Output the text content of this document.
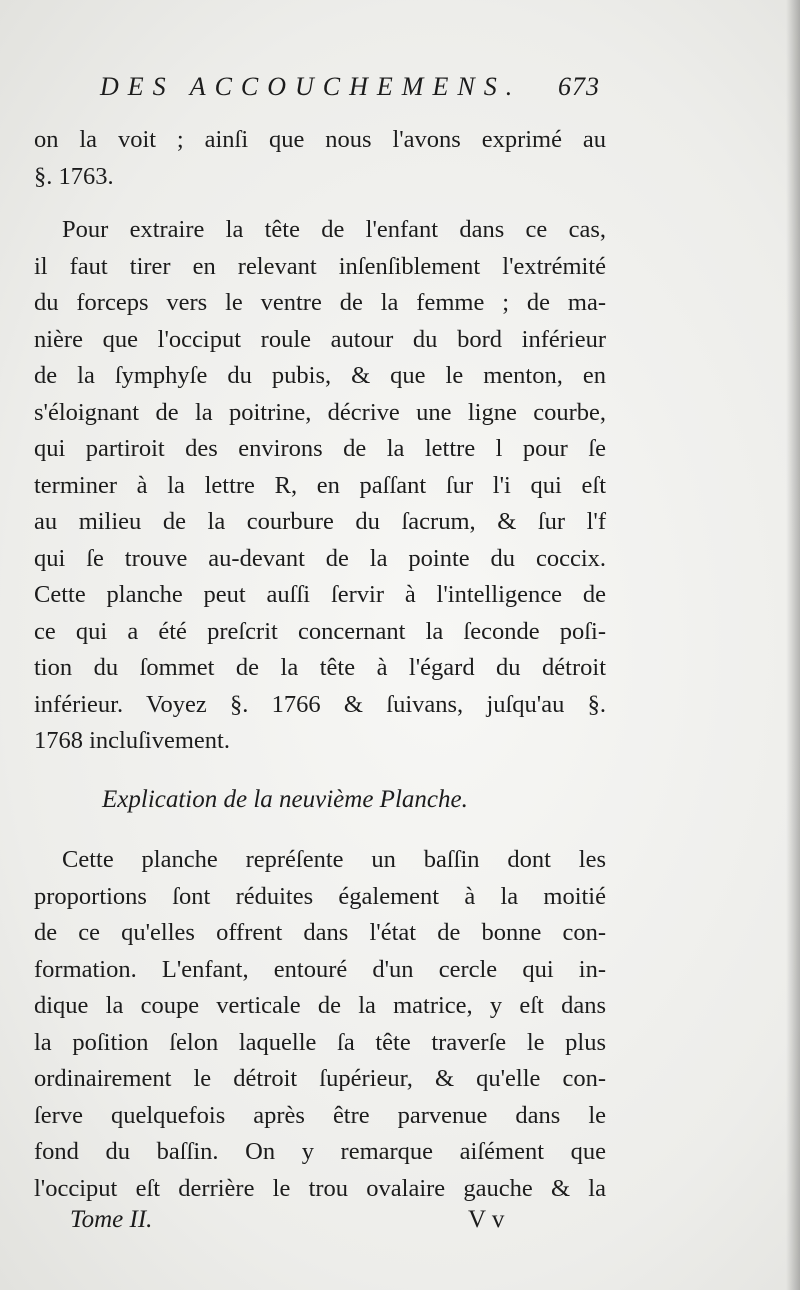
DES ACCOUCHEMENS. 673
on la voit ; ainſi que nous l'avons exprimé au
§. 1763.
Pour extraire la tête de l'enfant dans ce cas,
il faut tirer en relevant inſenſiblement l'extrémité
du forceps vers le ventre de la femme ; de ma-
nière que l'occiput roule autour du bord inférieur
de la ſymphyſe du pubis, & que le menton, en
s'éloignant de la poitrine, décrive une ligne courbe,
qui partiroit des environs de la lettre l pour ſe
terminer à la lettre R, en paſſant ſur l'i qui eſt
au milieu de la courbure du ſacrum, & ſur l'f
qui ſe trouve au-devant de la pointe du coccix.
Cette planche peut auſſi ſervir à l'intelligence de
ce qui a été preſcrit concernant la ſeconde poſi-
tion du ſommet de la tête à l'égard du détroit
inférieur. Voyez §. 1766 & ſuivans, juſqu'au §.
1768 incluſivement.
Explication de la neuvième Planche.
Cette planche repréſente un baſſin dont les
proportions ſont réduites également à la moitié
de ce qu'elles offrent dans l'état de bonne con-
formation. L'enfant, entouré d'un cercle qui in-
dique la coupe verticale de la matrice, y eſt dans
la poſition ſelon laquelle ſa tête traverſe le plus
ordinairement le détroit ſupérieur, & qu'elle con-
ſerve quelquefois après être parvenue dans le
fond du baſſin. On y remarque aiſément que
l'occiput eſt derrière le trou ovalaire gauche & la
Tome II.	V v
